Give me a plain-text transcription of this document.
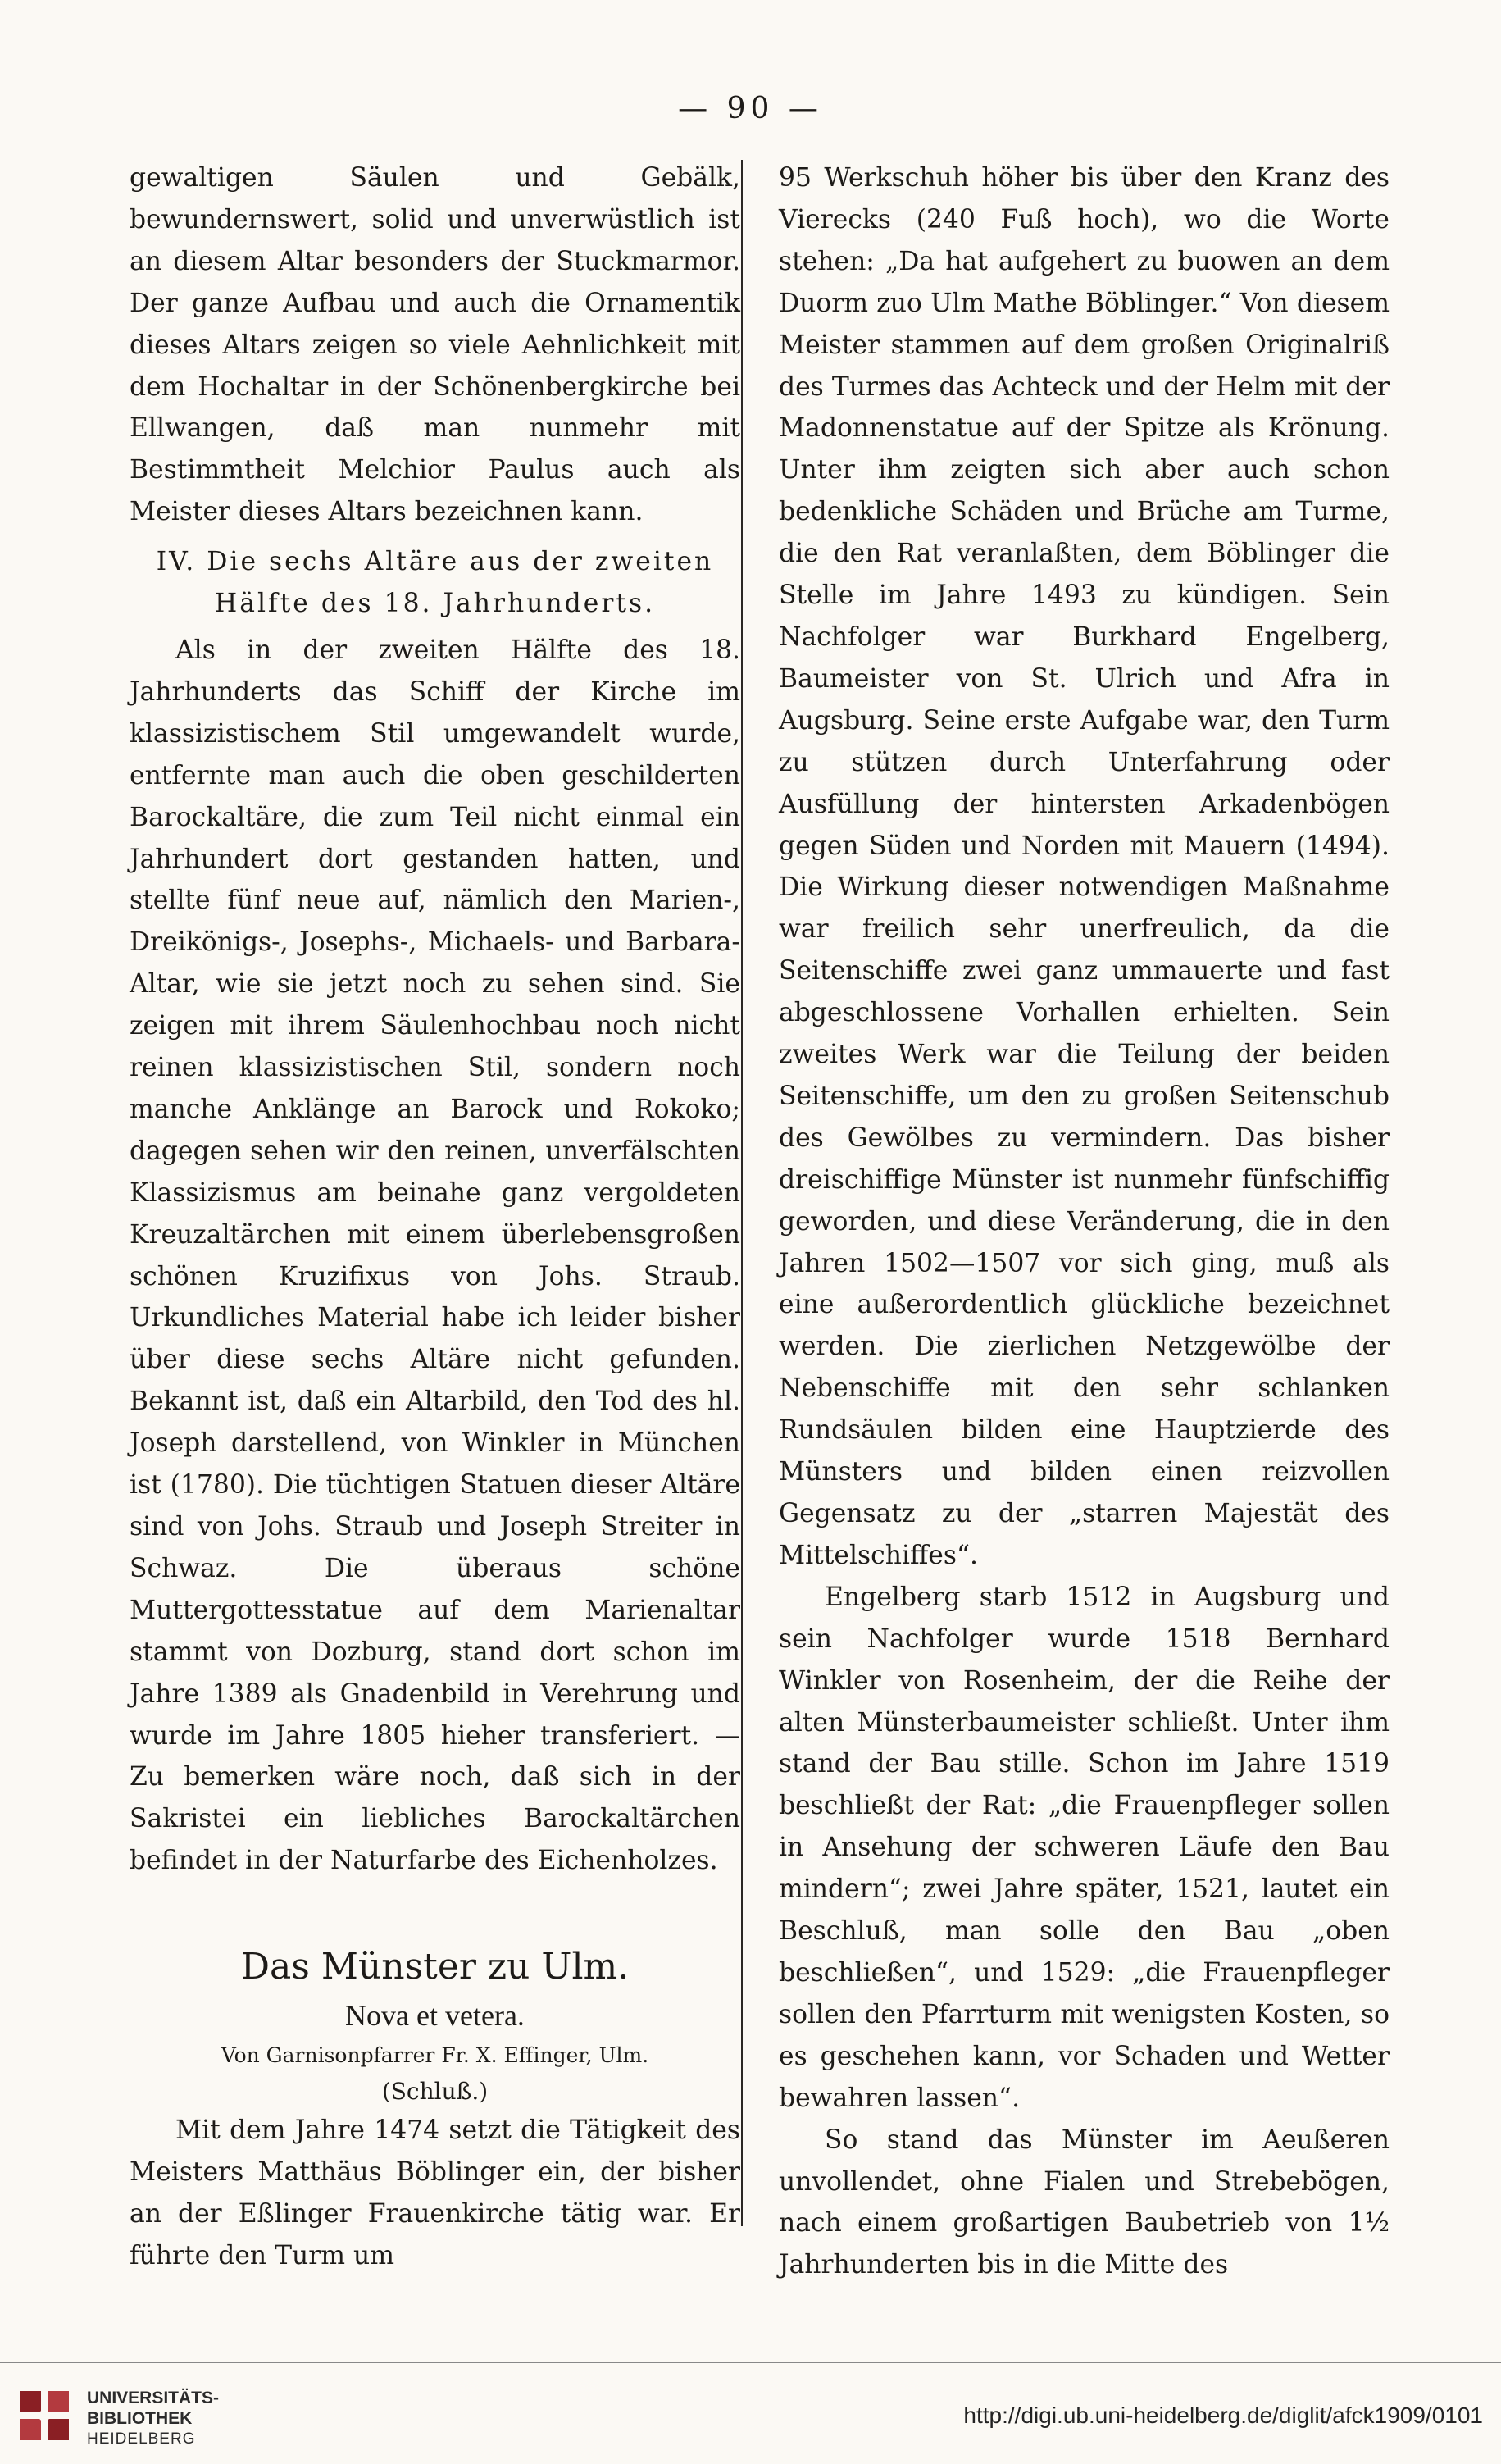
— 90 —

gewaltigen Säulen und Gebälk, bewundernswert, solid und unverwüstlich ist an diesem Altar besonders der Stuckmarmor. Der ganze Aufbau und auch die Ornamentik dieses Altars zeigen so viele Aehnlichkeit mit dem Hochaltar in der Schönenbergkirche bei Ellwangen, daß man nunmehr mit Bestimmtheit Melchior Paulus auch als Meister dieses Altars bezeichnen kann.

IV. Die sechs Altäre aus der zweiten Hälfte des 18. Jahrhunderts.

Als in der zweiten Hälfte des 18. Jahrhunderts das Schiff der Kirche im klassizistischem Stil umgewandelt wurde, entfernte man auch die oben geschilderten Barockaltäre, die zum Teil nicht einmal ein Jahrhundert dort gestanden hatten, und stellte fünf neue auf, nämlich den Marien-, Dreikönigs-, Josephs-, Michaels- und Barbara-Altar, wie sie jetzt noch zu sehen sind. Sie zeigen mit ihrem Säulenhochbau noch nicht reinen klassizistischen Stil, sondern noch manche Anklänge an Barock und Rokoko; dagegen sehen wir den reinen, unverfälschten Klassizismus am beinahe ganz vergoldeten Kreuzaltärchen mit einem überlebensgroßen schönen Kruzifixus von Johs. Straub. Urkundliches Material habe ich leider bisher über diese sechs Altäre nicht gefunden. Bekannt ist, daß ein Altarbild, den Tod des hl. Joseph darstellend, von Winkler in München ist (1780). Die tüchtigen Statuen dieser Altäre sind von Johs. Straub und Joseph Streiter in Schwaz. Die überaus schöne Muttergottesstatue auf dem Marienaltar stammt von Dozburg, stand dort schon im Jahre 1389 als Gnadenbild in Verehrung und wurde im Jahre 1805 hieher transferiert. — Zu bemerken wäre noch, daß sich in der Sakristei ein liebliches Barockaltärchen befindet in der Naturfarbe des Eichenholzes.

Das Münster zu Ulm.

Nova et vetera.

Von Garnisonpfarrer Fr. X. Effinger, Ulm.

(Schluß.)

Mit dem Jahre 1474 setzt die Tätigkeit des Meisters Matthäus Böblinger ein, der bisher an der Eßlinger Frauenkirche tätig war. Er führte den Turm um

95 Werkschuh höher bis über den Kranz des Vierecks (240 Fuß hoch), wo die Worte stehen: „Da hat aufgehert zu buowen an dem Duorm zuo Ulm Mathe Böblinger.“ Von diesem Meister stammen auf dem großen Originalriß des Turmes das Achteck und der Helm mit der Madonnenstatue auf der Spitze als Krönung. Unter ihm zeigten sich aber auch schon bedenkliche Schäden und Brüche am Turme, die den Rat veranlaßten, dem Böblinger die Stelle im Jahre 1493 zu kündigen. Sein Nachfolger war Burkhard Engelberg, Baumeister von St. Ulrich und Afra in Augsburg. Seine erste Aufgabe war, den Turm zu stützen durch Unterfahrung oder Ausfüllung der hintersten Arkadenbögen gegen Süden und Norden mit Mauern (1494). Die Wirkung dieser notwendigen Maßnahme war freilich sehr unerfreulich, da die Seitenschiffe zwei ganz ummauerte und fast abgeschlossene Vorhallen erhielten. Sein zweites Werk war die Teilung der beiden Seitenschiffe, um den zu großen Seitenschub des Gewölbes zu vermindern. Das bisher dreischiffige Münster ist nunmehr fünfschiffig geworden, und diese Veränderung, die in den Jahren 1502—1507 vor sich ging, muß als eine außerordentlich glückliche bezeichnet werden. Die zierlichen Netzgewölbe der Nebenschiffe mit den sehr schlanken Rundsäulen bilden eine Hauptzierde des Münsters und bilden einen reizvollen Gegensatz zu der „starren Majestät des Mittelschiffes“.

Engelberg starb 1512 in Augsburg und sein Nachfolger wurde 1518 Bernhard Winkler von Rosenheim, der die Reihe der alten Münsterbaumeister schließt. Unter ihm stand der Bau stille. Schon im Jahre 1519 beschließt der Rat: „die Frauenpfleger sollen in Ansehung der schweren Läufe den Bau mindern“; zwei Jahre später, 1521, lautet ein Beschluß, man solle den Bau „oben beschließen“, und 1529: „die Frauenpfleger sollen den Pfarrturm mit wenigsten Kosten, so es geschehen kann, vor Schaden und Wetter bewahren lassen“.

So stand das Münster im Aeußeren unvollendet, ohne Fialen und Strebebögen, nach einem großartigen Baubetrieb von 1½ Jahrhunderten bis in die Mitte des

UNIVERSITÄTS-
BIBLIOTHEK
HEIDELBERG
http://digi.ub.uni-heidelberg.de/diglit/afck1909/0101
